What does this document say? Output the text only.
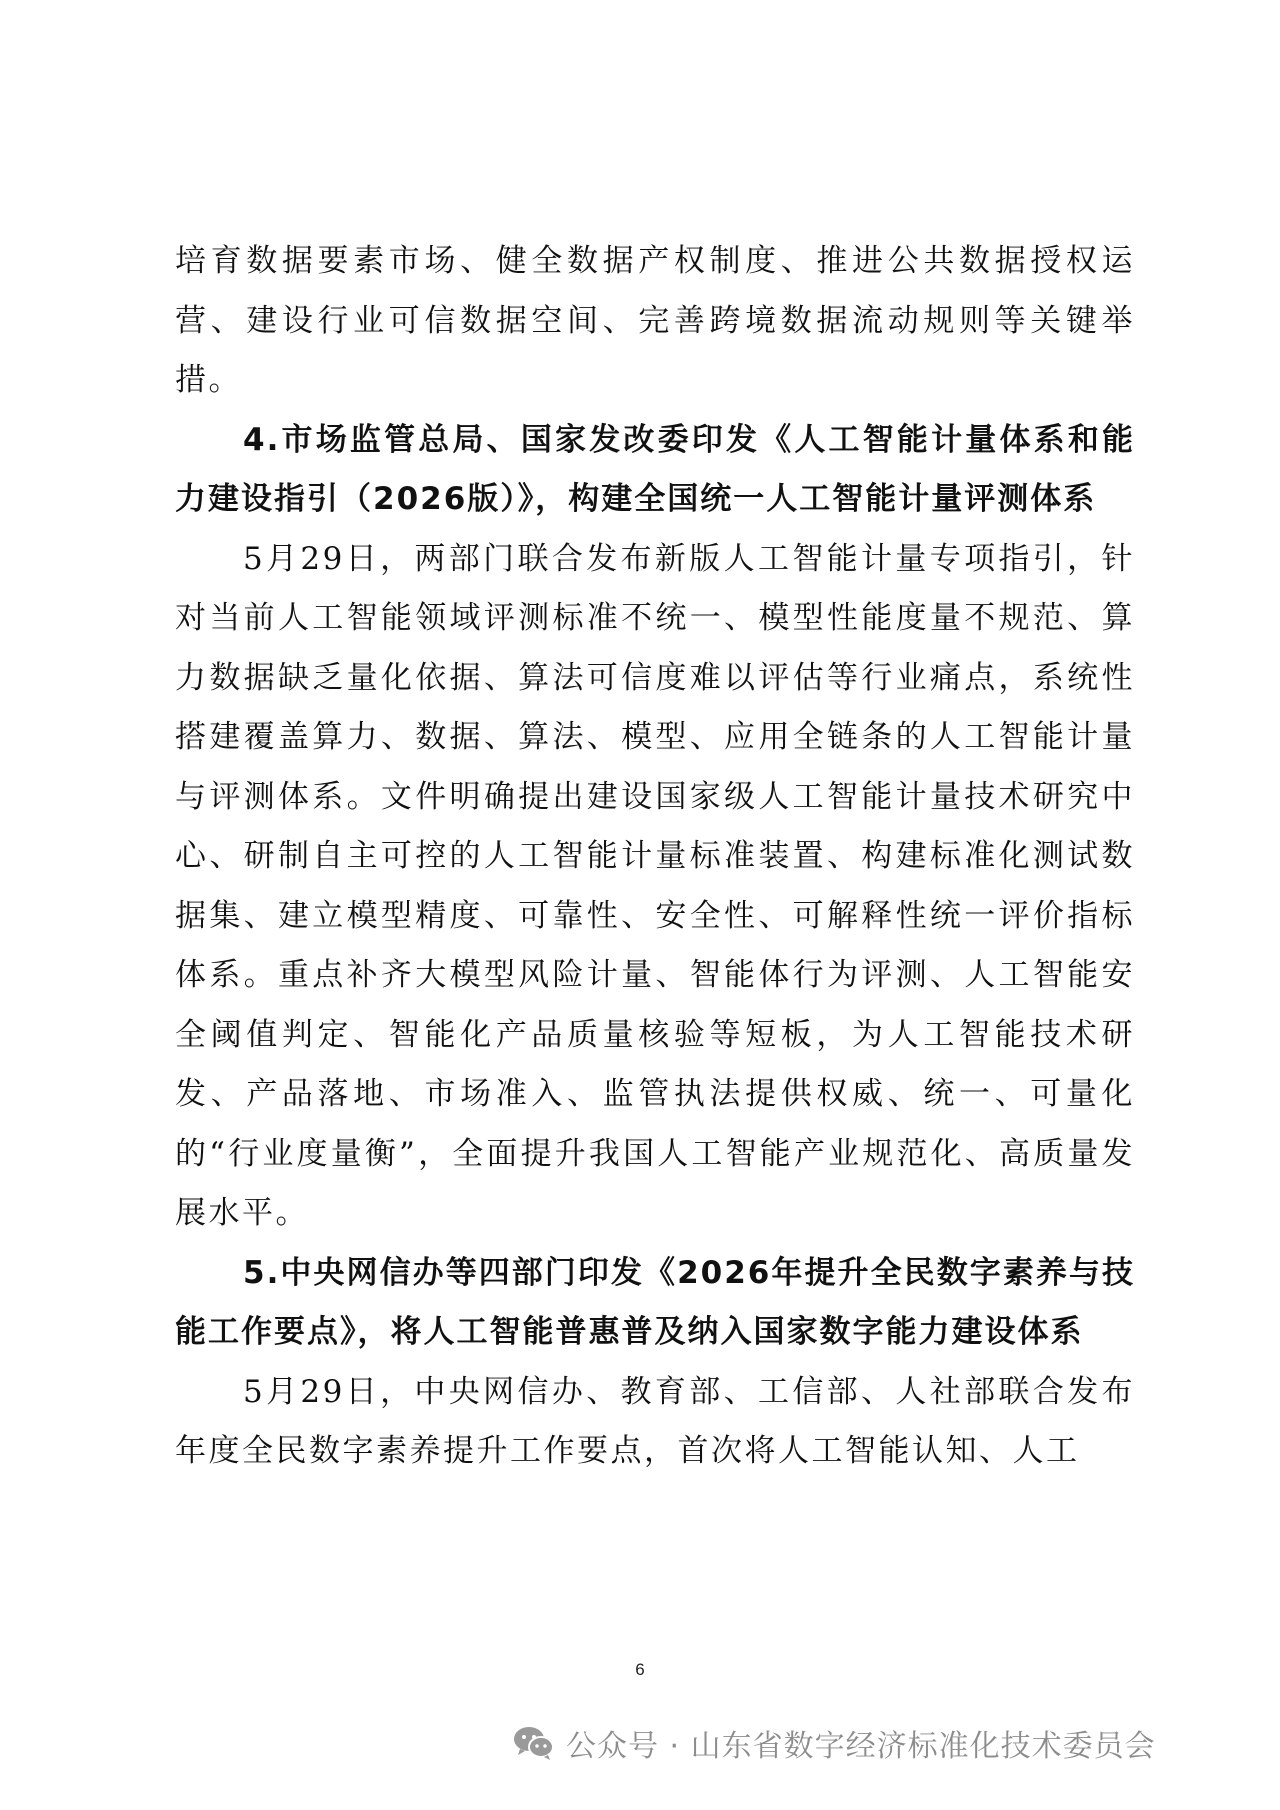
培育数据要素市场、健全数据产权制度、推进公共数据授权运营、建设行业可信数据空间、完善跨境数据流动规则等关键举措。

4.市场监管总局、国家发改委印发《人工智能计量体系和能力建设指引（2026版）》，构建全国统一人工智能计量评测体系

5月29日，两部门联合发布新版人工智能计量专项指引，针对当前人工智能领域评测标准不统一、模型性能度量不规范、算力数据缺乏量化依据、算法可信度难以评估等行业痛点，系统性搭建覆盖算力、数据、算法、模型、应用全链条的人工智能计量与评测体系。文件明确提出建设国家级人工智能计量技术研究中心、研制自主可控的人工智能计量标准装置、构建标准化测试数据集、建立模型精度、可靠性、安全性、可解释性统一评价指标体系。重点补齐大模型风险计量、智能体行为评测、人工智能安全阈值判定、智能化产品质量核验等短板，为人工智能技术研发、产品落地、市场准入、监管执法提供权威、统一、可量化的“行业度量衡”，全面提升我国人工智能产业规范化、高质量发展水平。

5.中央网信办等四部门印发《2026年提升全民数字素养与技能工作要点》，将人工智能普惠普及纳入国家数字能力建设体系

5月29日，中央网信办、教育部、工信部、人社部联合发布年度全民数字素养提升工作要点，首次将人工智能认知、人工

6
公众号 · 山东省数字经济标准化技术委员会
